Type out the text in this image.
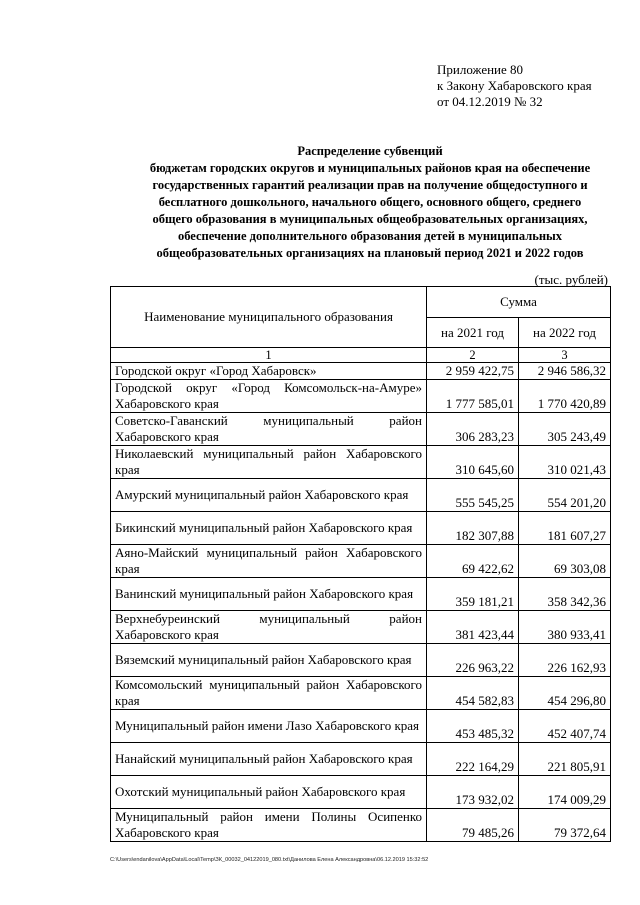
Приложение 80
к Закону Хабаровского края
от 04.12.2019 № 32
Распределение субвенций
бюджетам городских округов и муниципальных районов края на обеспечение
государственных гарантий реализации прав на получение общедоступного и
бесплатного дошкольного, начального общего, основного общего, среднего
общего образования в муниципальных общеобразовательных организациях,
обеспечение дополнительного образования детей в муниципальных
общеобразовательных организациях на плановый период 2021 и 2022 годов
(тыс. рублей)
Наименование муниципального образования	Сумма	
	на 2021 год	на 2022 год
1	2	3
Городской округ «Город Хабаровск»	2 959 422,75	2 946 586,32
Городской округ «Город Комсомольск-на-Амуре» Хабаровского края	1 777 585,01	1 770 420,89
Советско-Гаванский муниципальный район Хабаровского края	306 283,23	305 243,49
Николаевский муниципальный район Хабаровского края	310 645,60	310 021,43
Амурский муниципальный район Хабаровского края	555 545,25	554 201,20
Бикинский муниципальный район Хабаровского края	182 307,88	181 607,27
Аяно-Майский муниципальный район Хабаровского края	69 422,62	69 303,08
Ванинский муниципальный район Хабаровского края	359 181,21	358 342,36
Верхнебуреинский муниципальный район Хабаровского края	381 423,44	380 933,41
Вяземский муниципальный район Хабаровского края	226 963,22	226 162,93
Комсомольский муниципальный район Хабаровского края	454 582,83	454 296,80
Муниципальный район имени Лазо Хабаровского края	453 485,32	452 407,74
Нанайский муниципальный район Хабаровского края	222 164,29	221 805,91
Охотский муниципальный район Хабаровского края	173 932,02	174 009,29
Муниципальный район имени Полины Осипенко Хабаровского края	79 485,26	79 372,64
C:\Users\endanilova\AppData\Local\Temp\ЗК_00032_04122019_080.txt\Данилова Елена Александровна\06.12.2019 15:32:52
